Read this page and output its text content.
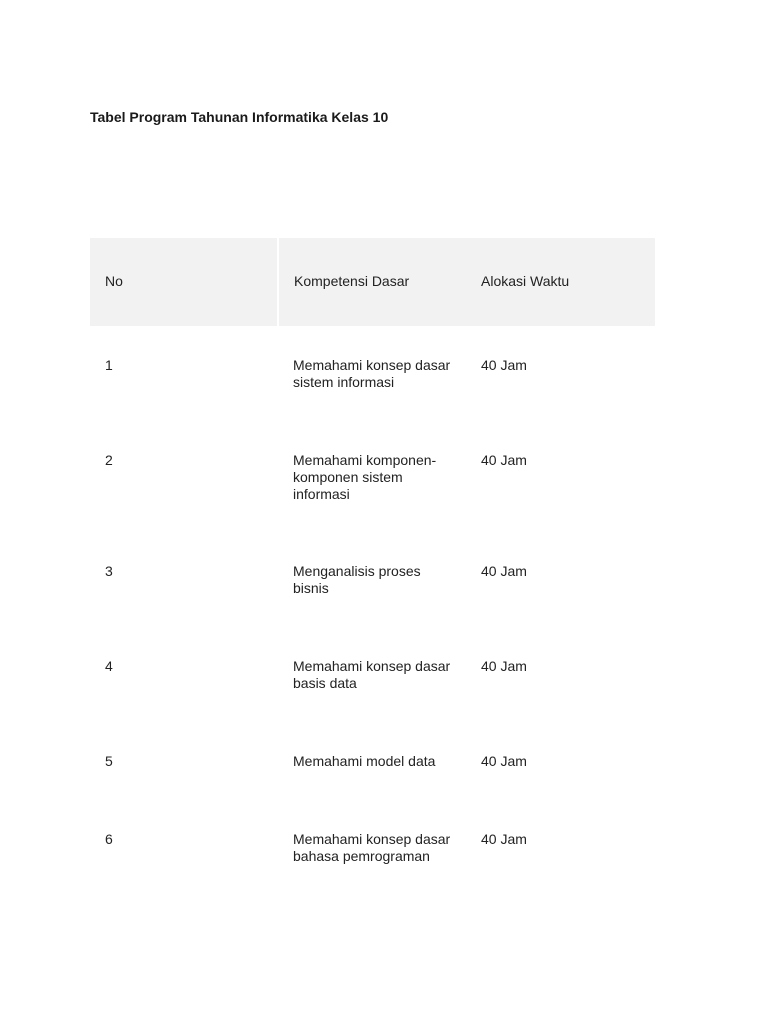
Tabel Program Tahunan Informatika Kelas 10
No	Kompetensi Dasar	Alokasi Waktu
1	Memahami konsep dasar sistem informasi	40 Jam
2	Memahami komponen-komponen sistem informasi	40 Jam
3	Menganalisis proses bisnis	40 Jam
4	Memahami konsep dasar basis data	40 Jam
5	Memahami model data	40 Jam
6	Memahami konsep dasar bahasa pemrograman	40 Jam
